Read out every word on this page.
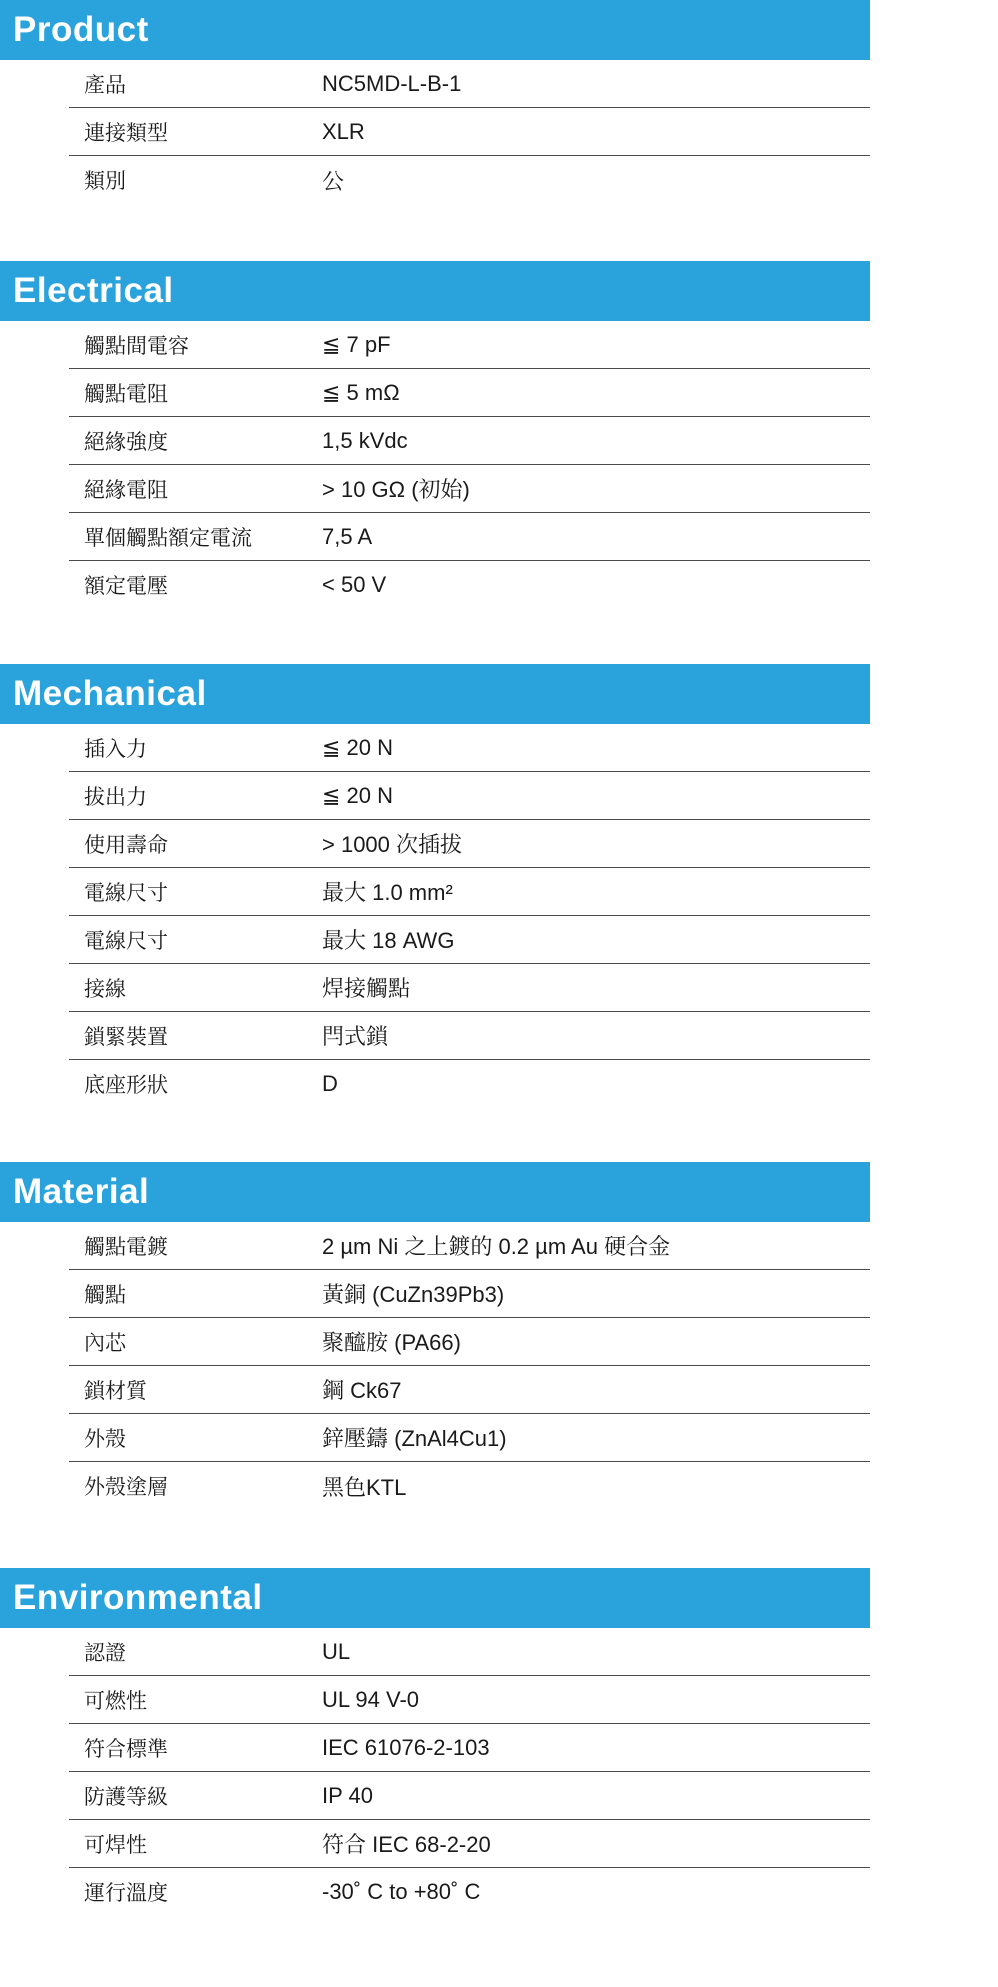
Product
產品	NC5MD-L-B-1
連接類型	XLR
類別	公
Electrical
觸點間電容	≦ 7 pF
觸點電阻	≦ 5 mΩ
絕緣強度	1,5 kVdc
絕緣電阻	> 10 GΩ (初始)
單個觸點額定電流	7,5 A
額定電壓	< 50 V
Mechanical
插入力	≦ 20 N
拔出力	≦ 20 N
使用壽命	> 1000 次插拔
電線尺寸	最大 1.0 mm²
電線尺寸	最大 18 AWG
接線	焊接觸點
鎖緊裝置	閂式鎖
底座形狀	D
Material
觸點電鍍	2 µm Ni 之上鍍的 0.2 µm Au 硬合金
觸點	黃銅 (CuZn39Pb3)
內芯	聚醯胺 (PA66)
鎖材質	鋼 Ck67
外殼	鋅壓鑄 (ZnAl4Cu1)
外殼塗層	黑色KTL
Environmental
認證	UL
可燃性	UL 94 V-0
符合標準	IEC 61076-2-103
防護等級	IP 40
可焊性	符合 IEC 68-2-20
運行溫度	-30˚ C to +80˚ C
